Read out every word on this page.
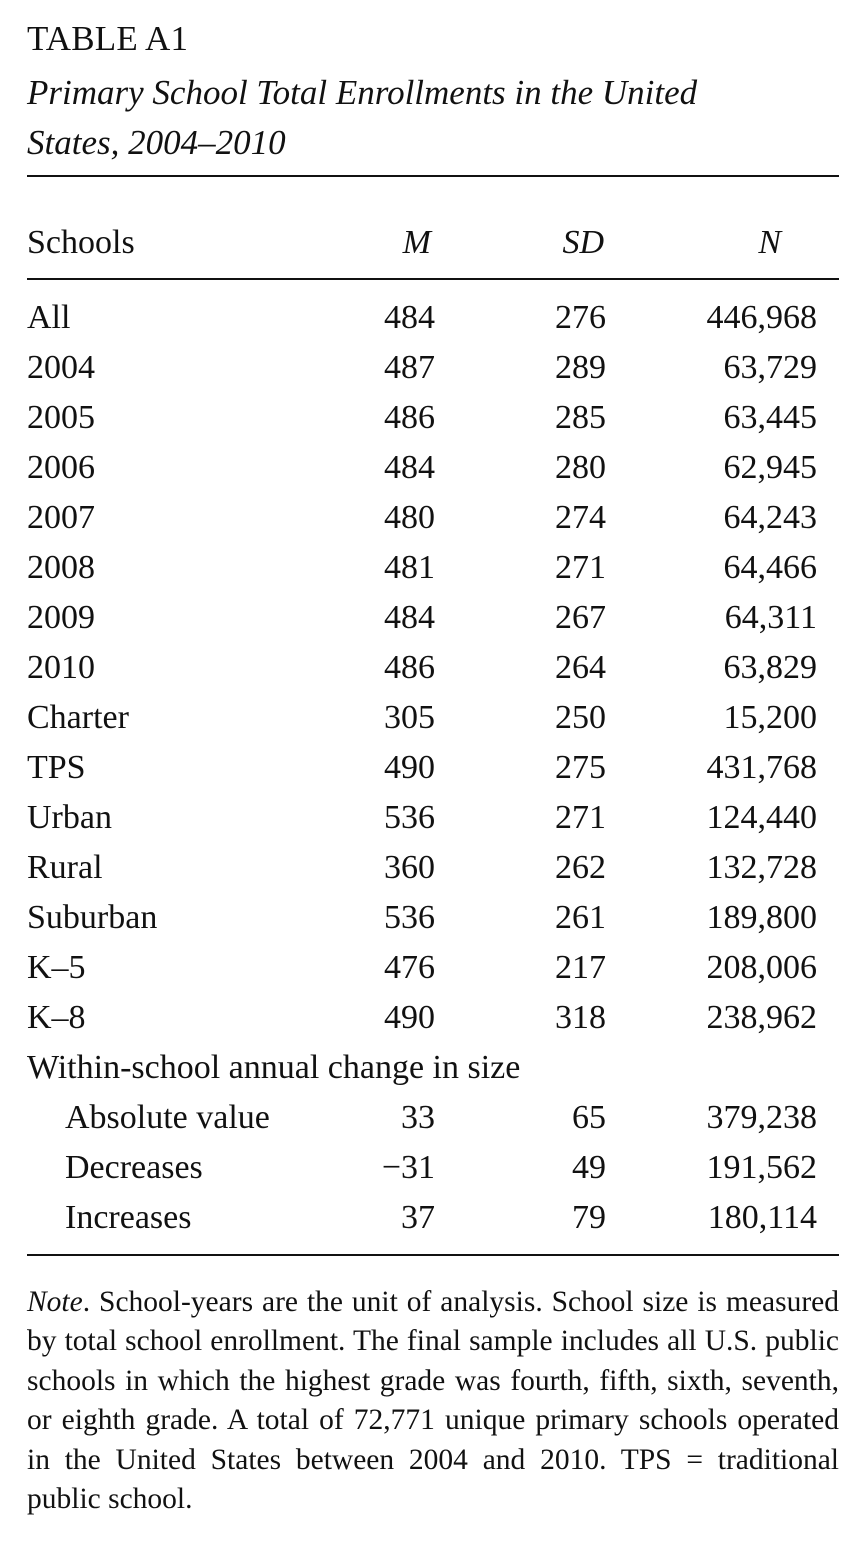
TABLE A1
Primary School Total Enrollments in the United
States, 2004–2010
Schools	M	SD	N
All	484	276	446,968
2004	487	289	63,729
2005	486	285	63,445
2006	484	280	62,945
2007	480	274	64,243
2008	481	271	64,466
2009	484	267	64,311
2010	486	264	63,829
Charter	305	250	15,200
TPS	490	275	431,768
Urban	536	271	124,440
Rural	360	262	132,728
Suburban	536	261	189,800
K–5	476	217	208,006
K–8	490	318	238,962
Within-school annual change in size
Absolute value	33	65	379,238
Decreases	−31	49	191,562
Increases	37	79	180,114
Note. School-years are the unit of analysis. School size is measured by total school enrollment. The final sample includes all U.S. public schools in which the highest grade was fourth, fifth, sixth, seventh, or eighth grade. A total of 72,771 unique primary schools operated in the United States between 2004 and 2010. TPS = traditional public school.
